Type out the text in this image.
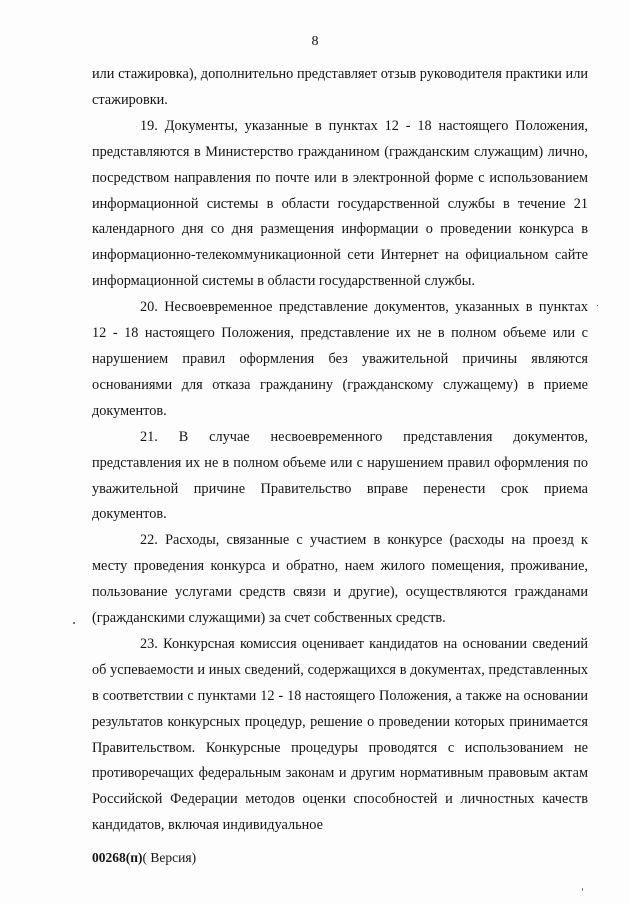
8

или стажировка), дополнительно представляет отзыв руководителя практики или стажировки.

19. Документы, указанные в пунктах 12 - 18 настоящего Положения, представляются в Министерство гражданином (гражданским служащим) лично, посредством направления по почте или в электронной форме с использованием информационной системы в области государственной службы в течение 21 календарного дня со дня размещения информации о проведении конкурса в информационно-телекоммуникационной сети Интернет на официальном сайте информационной системы в области государственной службы.

20. Несвоевременное представление документов, указанных в пунктах 12 - 18 настоящего Положения, представление их не в полном объеме или с нарушением правил оформления без уважительной причины являются основаниями для отказа гражданину (гражданскому служащему) в приеме документов.

21. В случае несвоевременного представления документов, представления их не в полном объеме или с нарушением правил оформления по уважительной причине Правительство вправе перенести срок приема документов.

22. Расходы, связанные с участием в конкурсе (расходы на проезд к месту проведения конкурса и обратно, наем жилого помещения, проживание, пользование услугами средств связи и другие), осуществляются гражданами (гражданскими служащими) за счет собственных средств.

23. Конкурсная комиссия оценивает кандидатов на основании сведений об успеваемости и иных сведений, содержащихся в документах, представленных в соответствии с пунктами 12 - 18 настоящего Положения, а также на основании результатов конкурсных процедур, решение о проведении которых принимается Правительством. Конкурсные процедуры проводятся с использованием не противоречащих федеральным законам и другим нормативным правовым актам Российской Федерации методов оценки способностей и личностных качеств кандидатов, включая индивидуальное

00268(п)( Версия)
